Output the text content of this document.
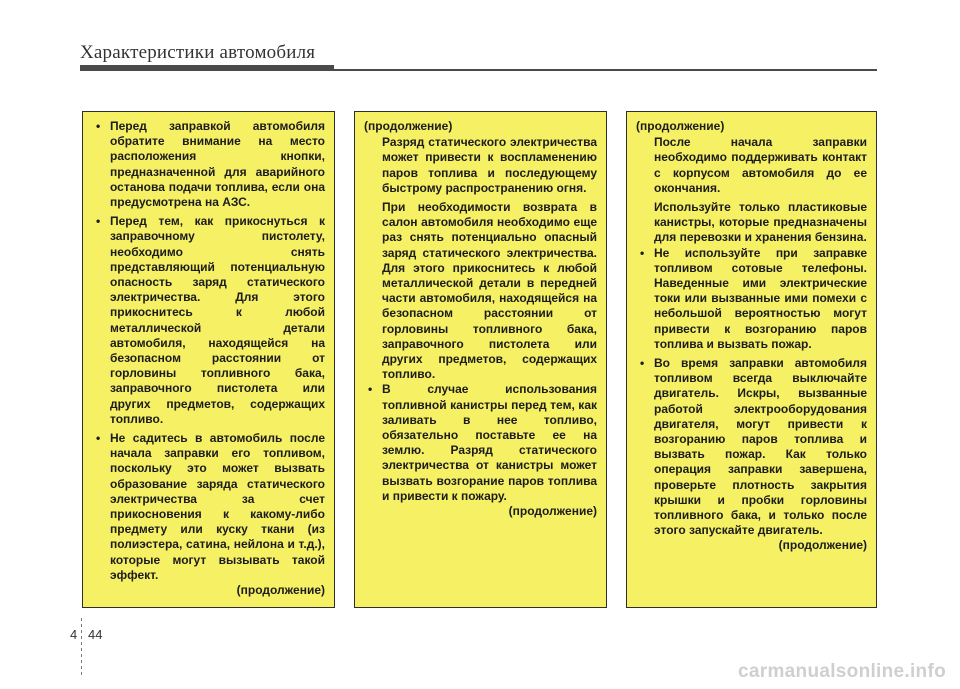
Характеристики автомобиля
• Перед заправкой автомобиля обратите внимание на место расположения кнопки, предназначенной для аварийного останова подачи топлива, если она предусмотрена на АЗС.
• Перед тем, как прикоснуться к заправочному пистолету, необходимо снять представляющий потенциальную опасность заряд статического электричества. Для этого прикоснитесь к любой металлической детали автомобиля, находящейся на безопасном расстоянии от горловины топливного бака, заправочного пистолета или других предметов, содержащих топливо.
• Не садитесь в автомобиль после начала заправки его топливом, поскольку это может вызвать образование заряда статического электричества за счет прикосновения к какому-либо предмету или куску ткани (из полиэстера, сатина, нейлона и т.д.), которые могут вызывать такой эффект.

(продолжение)

(продолжение)

Разряд статического электричества может привести к воспламенению паров топлива и последующему быстрому распространению огня.

При необходимости возврата в салон автомобиля необходимо еще раз снять потенциально опасный заряд статического электричества. Для этого прикоснитесь к любой металлической детали в передней части автомобиля, находящейся на безопасном расстоянии от горловины топливного бака, заправочного пистолета или других предметов, содержащих топливо.

• В случае использования топливной канистры перед тем, как заливать в нее топливо, обязательно поставьте ее на землю. Разряд статического электричества от канистры может вызвать возгорание паров топлива и привести к пожару.

(продолжение)

(продолжение)

После начала заправки необходимо поддерживать контакт с корпусом автомобиля до ее окончания.

Используйте только пластиковые канистры, которые предназначены для перевозки и хранения бензина.

• Не используйте при заправке топливом сотовые телефоны. Наведенные ими электрические токи или вызванные ими помехи с небольшой вероятностью могут привести к возгоранию паров топлива и вызвать пожар.
• Во время заправки автомобиля топливом всегда выключайте двигатель. Искры, вызванные работой электрооборудования двигателя, могут привести к возгоранию паров топлива и вызвать пожар. Как только операция заправки завершена, проверьте плотность закрытия крышки и пробки горловины топливного бака, и только после этого запускайте двигатель.

(продолжение)

4 44
carmanualsonline.info
